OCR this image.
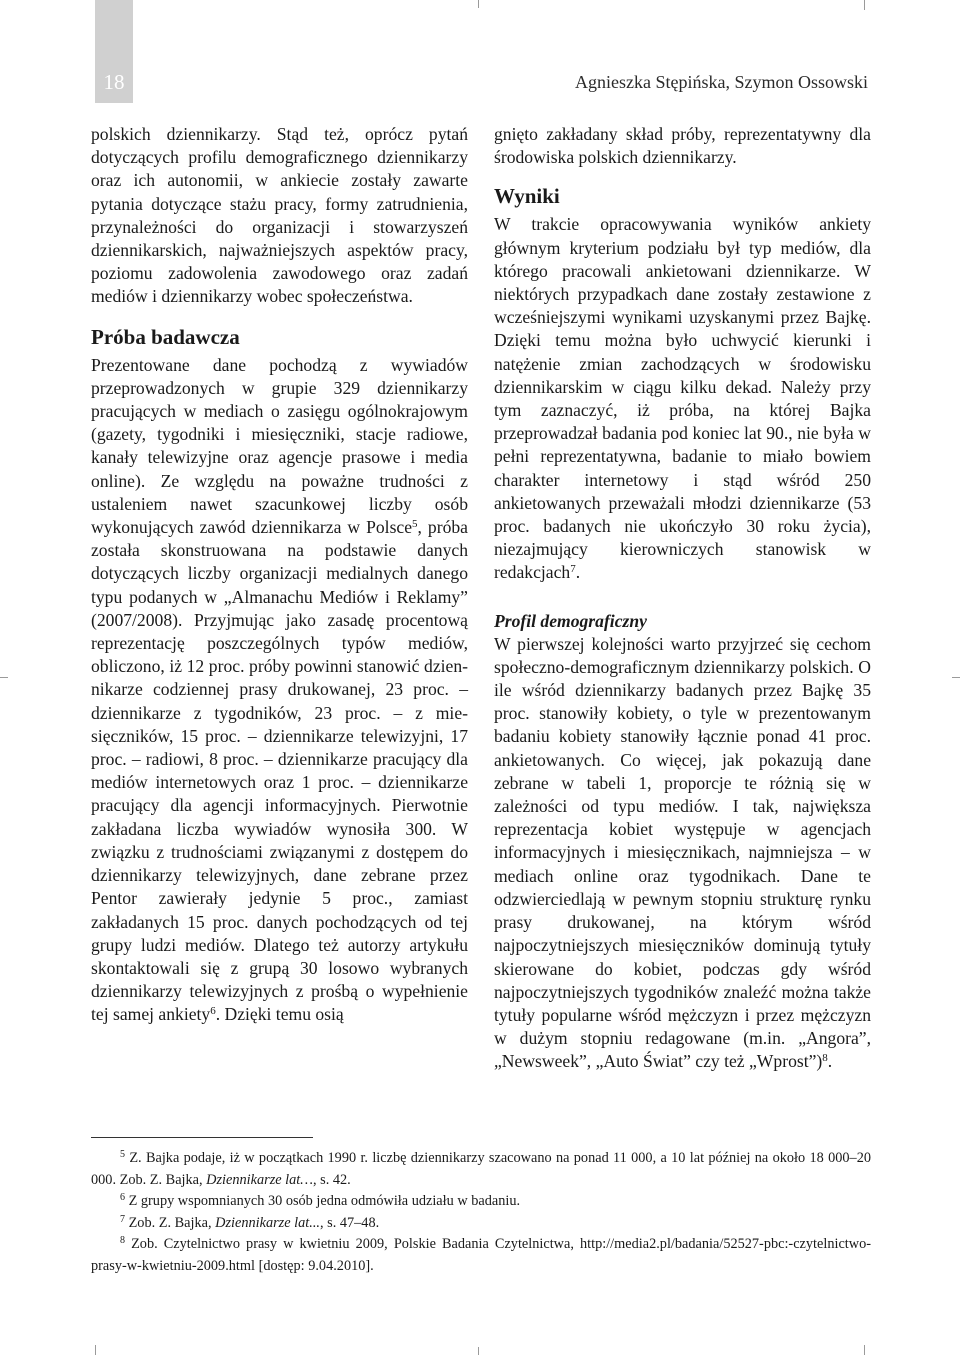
18	Agnieszka Stępińska, Szymon Ossowski

polskich dziennikarzy. Stąd też, oprócz pytań dotyczących profilu demograficznego dziennikarzy oraz ich autonomii, w ankiecie zostały zawarte pytania dotyczące stażu pracy, formy zatrudnienia, przynależności do organizacji i stowarzyszeń dziennikarskich, najważniejszych aspektów pracy, poziomu zadowolenia zawodowego oraz zadań mediów i dziennikarzy wobec społeczeństwa.

Próba badawcza

Prezentowane dane pochodzą z wywiadów przeprowadzonych w grupie 329 dziennikarzy pracujących w mediach o zasięgu ogólnokrajowym (gazety, tygodniki i miesięczniki, stacje radiowe, kanały telewizyjne oraz agencje prasowe i media online). Ze względu na poważne trudności z ustaleniem nawet szacunkowej liczby osób wykonujących zawód dziennikarza w Polsce$^5$, próba została skonstruowana na podstawie danych dotyczących liczby organizacji medialnych danego typu podanych w „Almanachu Mediów i Reklamy” (2007/2008). Przyjmując jako zasadę procentową reprezentację poszczególnych typów mediów, obliczono, iż 12 proc. próby powinni stanowić dziennikarze codziennej prasy drukowanej, 23 proc. – dziennikarze z tygodników, 23 proc. – z miesięczników, 15 proc. – dziennikarze telewizyjni, 17 proc. – radiowi, 8 proc. – dziennikarze pracujący dla mediów internetowych oraz 1 proc. – dziennikarze pracujący dla agencji informacyjnych. Pierwotnie zakładana liczba wywiadów wynosiła 300. W związku z trudnościami związanymi z dostępem do dziennikarzy telewizyjnych, dane zebrane przez Pentor zawierały jedynie 5 proc., zamiast zakładanych 15 proc. danych pochodzących od tej grupy ludzi mediów. Dlatego też autorzy artykułu skontaktowali się z grupą 30 losowo wybranych dziennikarzy telewizyjnych z prośbą o wypełnienie tej samej ankiety$^6$. Dzięki temu osią

gnięto zakładany skład próby, reprezentatywny dla środowiska polskich dziennikarzy.

Wyniki

W trakcie opracowywania wyników ankiety głównym kryterium podziału był typ mediów, dla którego pracowali ankietowani dziennikarze. W niektórych przypadkach dane zostały zestawione z wcześniejszymi wynikami uzyskanymi przez Bajkę. Dzięki temu można było uchwycić kierunki i natężenie zmian zachodzących w środowisku dziennikarskim w ciągu kilku dekad. Należy przy tym zaznaczyć, iż próba, na której Bajka przeprowadzał badania pod koniec lat 90., nie była w pełni reprezentatywna, badanie to miało bowiem charakter internetowy i stąd wśród 250 ankietowanych przeważali młodzi dziennikarze (53 proc. badanych nie ukończyło 30 roku życia), niezajmujący kierowniczych stanowisk w redakcjach$^7$.

Profil demograficzny

W pierwszej kolejności warto przyjrzeć się cechom społeczno-demograficznym dziennikarzy polskich. O ile wśród dziennikarzy badanych przez Bajkę 35 proc. stanowiły kobiety, o tyle w prezentowanym badaniu kobiety stanowiły łącznie ponad 41 proc. ankietowanych. Co więcej, jak pokazują dane zebrane w tabeli 1, proporcje te różnią się w zależności od typu mediów. I tak, największa reprezentacja kobiet występuje w agencjach informacyjnych i miesięcznikach, najmniejsza – w mediach online oraz tygodnikach. Dane te odzwierciedlają w pewnym stopniu strukturę rynku prasy drukowanej, na którym wśród najpoczytniejszych miesięczników dominują tytuły skierowane do kobiet, podczas gdy wśród najpoczytniejszych tygodników znaleźć można także tytuły popularne wśród mężczyzn i przez mężczyzn w dużym stopniu redagowane (m.in. „Angora”, „Newsweek”, „Auto Świat” czy też „Wprost”)$^8$.

$^5$ Z. Bajka podaje, iż w początkach 1990 r. liczbę dziennikarzy szacowano na ponad 11 000, a 10 lat później na około 18 000–20 000. Zob. Z. Bajka, Dziennikarze lat…, s. 42.

$^6$ Z grupy wspomnianych 30 osób jedna odmówiła udziału w badaniu.

$^7$ Zob. Z. Bajka, Dziennikarze lat..., s. 47–48.

$^8$ Zob. Czytelnictwo prasy w kwietniu 2009, Polskie Badania Czytelnictwa, http://media2.pl/badania/52527-pbc:-czytelnictwo-prasy-w-kwietniu-2009.html [dostęp: 9.04.2010].
